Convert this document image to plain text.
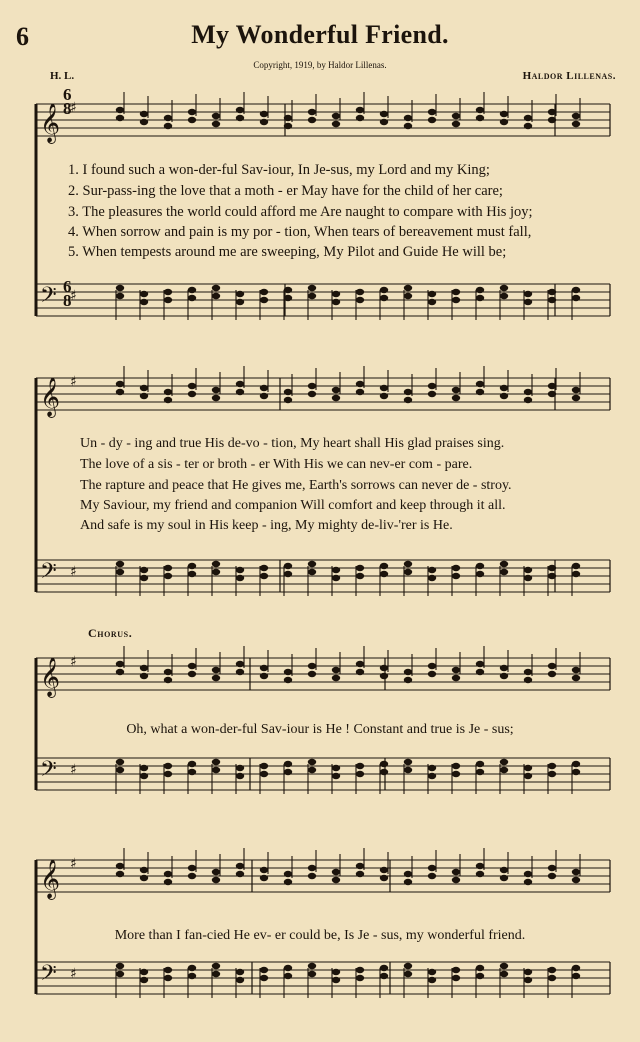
6	My Wonderful Friend.
Copyright, 1919, by Haldor Lillenas.
H. L.	Haldor Lillenas.
𝄞 ♯
𝄢 ♯
𝄞 ♯
𝄢 ♯
𝄞 ♯
𝄢 ♯
𝄞 ♯
𝄢 ♯
6
8
6
8
1. I found such a won-der-ful Sav-iour, In Je-sus, my Lord and my King;
2. Sur-pass-ing the love that a moth - er May have for the child of her care;
3. The pleasures the world could afford me Are naught to compare with His joy;
4. When sorrow and pain is my por - tion, When tears of bereavement must fall,
5. When tempests around me are sweeping, My Pilot and Guide He will be;
Un - dy - ing and true His de-vo - tion, My heart shall His glad praises sing.
The love of a sis - ter or broth - er With His we can nev-er com - pare.
The rapture and peace that He gives me, Earth's sorrows can never de - stroy.
My Saviour, my friend and companion Will comfort and keep through it all.
And safe is my soul in His keep - ing, My mighty de-liv-'rer is He.
Chorus.
Oh, what a won-der-ful Sav-iour is He ! Constant and true is Je - sus;
More than I fan-cied He ev- er could be, Is Je - sus, my wonderful friend.
